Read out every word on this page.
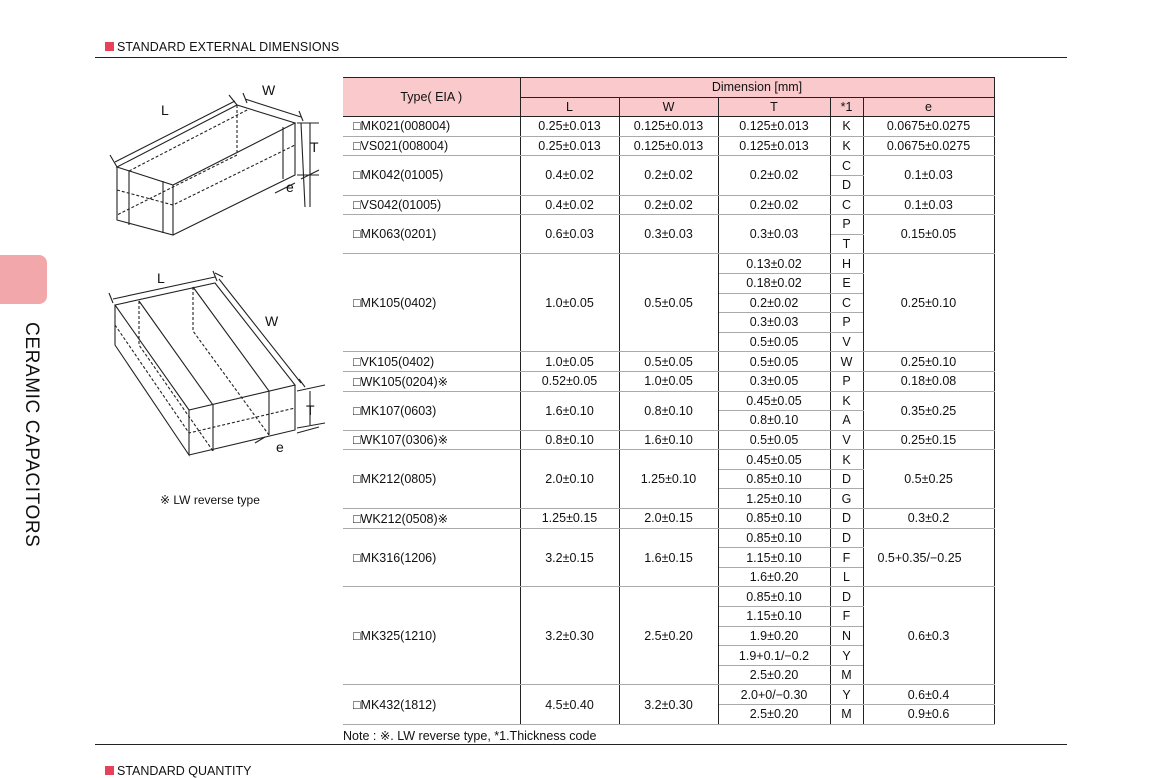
STANDARD EXTERNAL DIMENSIONS
CERAMIC CAPACITORS
L
W
T
e
L
W
T
e
※ LW reverse type
Type( EIA )	Dimension [mm]				
	L	W	T	*1	e
□MK021(008004)	0.25±0.013	0.125±0.013	0.125±0.013	K	0.0675±0.0275
□VS021(008004)	0.25±0.013	0.125±0.013	0.125±0.013	K	0.0675±0.0275
□MK042(01005)	0.4±0.02	0.2±0.02	0.2±0.02	C	0.1±0.03
				D	
□VS042(01005)	0.4±0.02	0.2±0.02	0.2±0.02	C	0.1±0.03
□MK063(0201)	0.6±0.03	0.3±0.03	0.3±0.03	P	0.15±0.05
				T	
□MK105(0402)	1.0±0.05	0.5±0.05	0.13±0.02	H	0.25±0.10
			0.18±0.02	E	
			0.2±0.02	C	
			0.3±0.03	P	
			0.5±0.05	V	
□VK105(0402)	1.0±0.05	0.5±0.05	0.5±0.05	W	0.25±0.10
□WK105(0204)※	0.52±0.05	1.0±0.05	0.3±0.05	P	0.18±0.08
□MK107(0603)	1.6±0.10	0.8±0.10	0.45±0.05	K	0.35±0.25
			0.8±0.10	A	
□WK107(0306)※	0.8±0.10	1.6±0.10	0.5±0.05	V	0.25±0.15
□MK212(0805)	2.0±0.10	1.25±0.10	0.45±0.05	K	0.5±0.25
			0.85±0.10	D	
			1.25±0.10	G	
□WK212(0508)※	1.25±0.15	2.0±0.15	0.85±0.10	D	0.3±0.2
□MK316(1206)	3.2±0.15	1.6±0.15	0.85±0.10	D	0.5+0.35/−0.25
			1.15±0.10	F	
			1.6±0.20	L	
□MK325(1210)	3.2±0.30	2.5±0.20	0.85±0.10	D	0.6±0.3
			1.15±0.10	F	
			1.9±0.20	N	
			1.9+0.1/−0.2	Y	
			2.5±0.20	M	
□MK432(1812)	4.5±0.40	3.2±0.30	2.0+0/−0.30	Y	0.6±0.4
			2.5±0.20	M	0.9±0.6
Note : ※. LW reverse type, *1.Thickness code
STANDARD QUANTITY
